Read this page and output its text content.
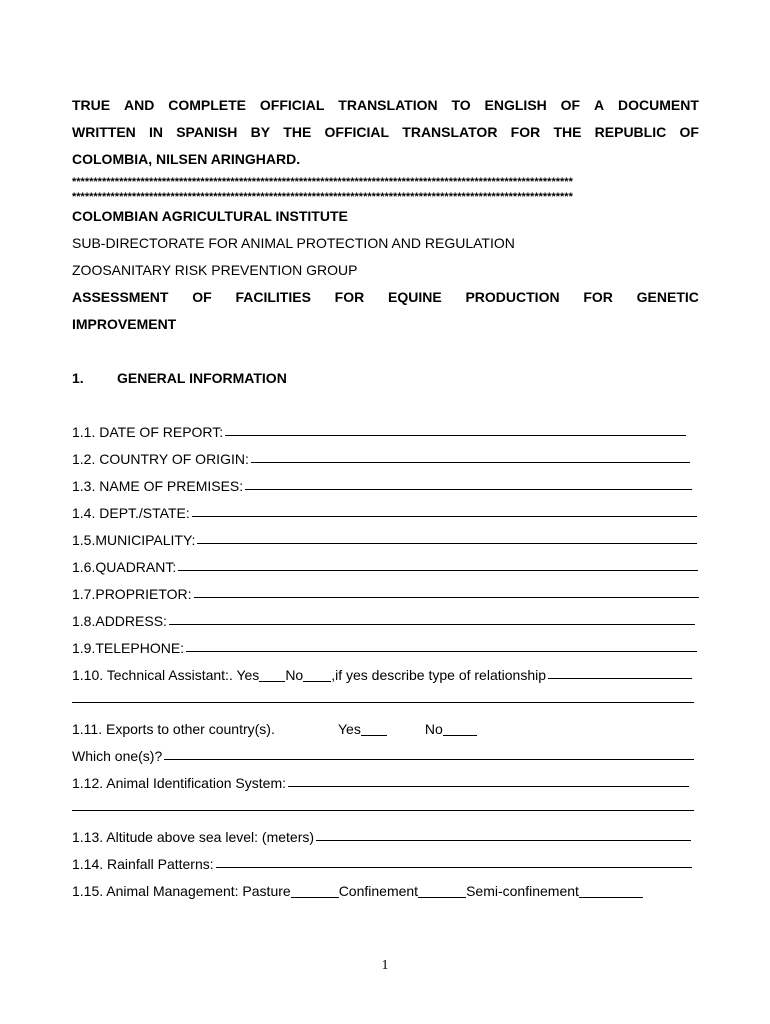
TRUE AND COMPLETE OFFICIAL TRANSLATION TO ENGLISH OF A DOCUMENT
WRITTEN IN SPANISH BY THE OFFICIAL TRANSLATOR FOR THE REPUBLIC OF
COLOMBIA, NILSEN ARINGHARD.
*********************************************************************************************************************
*********************************************************************************************************************
COLOMBIAN AGRICULTURAL INSTITUTE
SUB-DIRECTORATE FOR ANIMAL PROTECTION AND REGULATION
ZOOSANITARY RISK PREVENTION GROUP
ASSESSMENT OF FACILITIES FOR EQUINE PRODUCTION FOR GENETIC
IMPROVEMENT
1. GENERAL INFORMATION
1.1. DATE OF REPORT:
1.2. COUNTRY OF ORIGIN:
1.3. NAME OF PREMISES:
1.4. DEPT./STATE:
1.5.MUNICIPALITY:
1.6.QUADRANT:
1.7.PROPRIETOR:
1.8.ADDRESS:
1.9.TELEPHONE:
1.10. Technical Assistant:. Yes No ,if yes describe type of relationship
1.11. Exports to other country(s).	Yes	No
Which one(s)?
1.12. Animal Identification System:
1.13. Altitude above sea level: (meters)
1.14. Rainfall Patterns:
1.15. Animal Management: Pasture	Confinement	Semi-confinement
1
